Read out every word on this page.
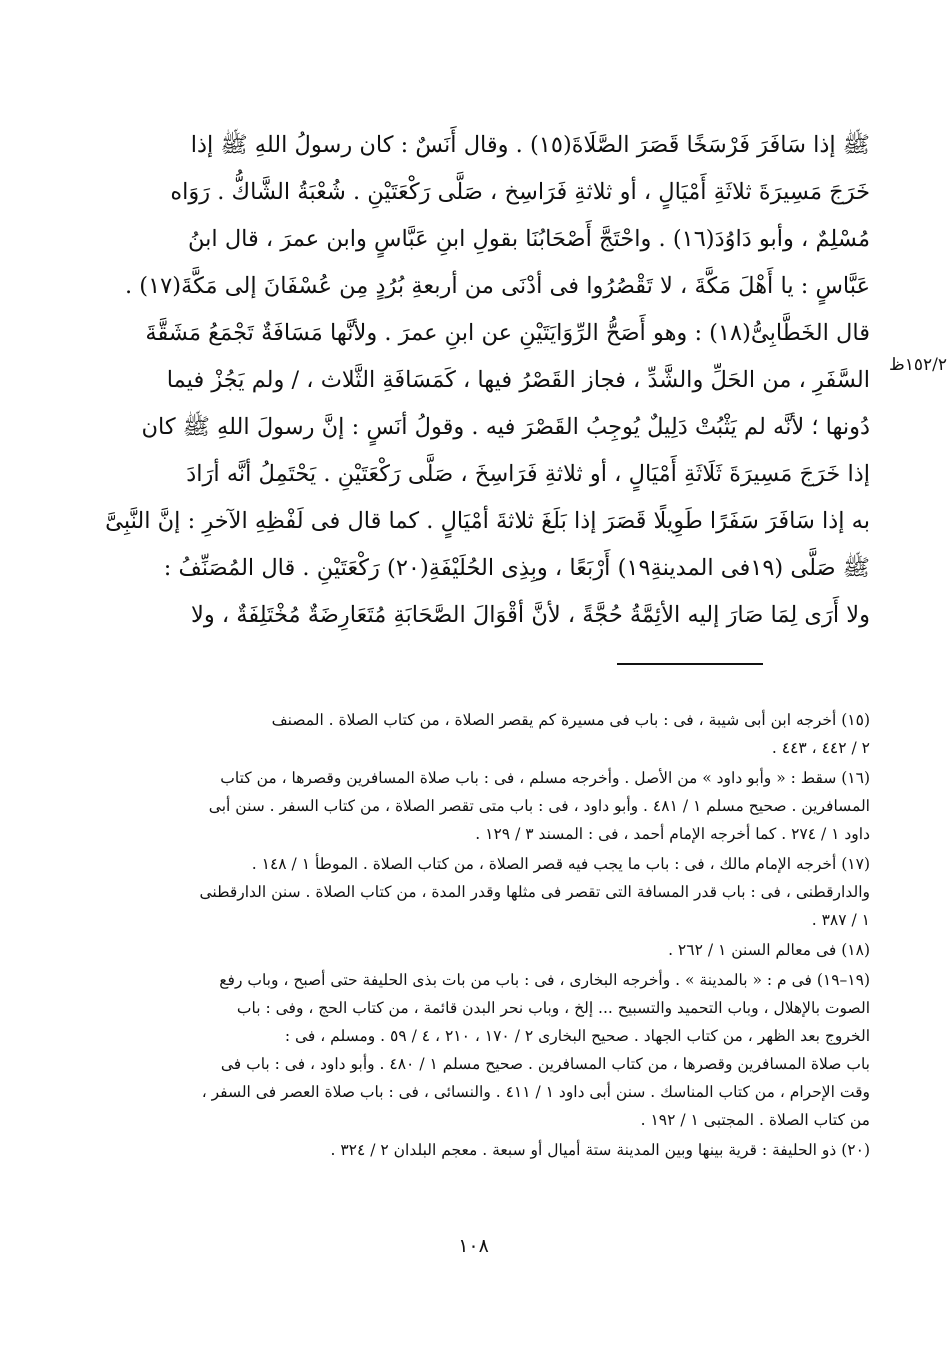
١٥٢/٢ظ
ﷺ إذا سَافَرَ فَرْسَخًا قَصَرَ الصَّلَاةَ(١٥) . وقال أَنَسٌ : كان رسولُ اللهِ ﷺ إذا
خَرَجَ مَسِيرَةَ ثلاثَةِ أَمْيَالٍ ، أو ثلاثةِ فَرَاسِخ ، صَلَّى رَكْعَتَيْنِ . شُعْبَةُ الشَّاكُّ . رَوَاه
مُسْلِمٌ ، وأبو دَاوُدَ(١٦) . واحْتَجَّ أَصْحَابُنَا بقولِ ابنِ عَبَّاسٍ وابن عمرَ ، قال ابنُ
عَبَّاسٍ : يا أَهْلَ مَكَّةَ ، لا تَقْصُرُوا فى أدْنَى من أربعةِ بُرُدٍ مِن عُسْفَانَ إلى مَكَّةَ(١٧) .
قال الخَطَّابِىُّ(١٨) : وهو أَصَحُّ الرِّوَايَتَيْنِ عن ابنِ عمرَ . ولأنَّها مَسَافَةٌ تَجْمَعُ مَشَقَّةَ
السَّفَرِ ، من الحَلِّ والشَّدِّ ، فجاز القَصْرُ فيها ، كَمَسَافَةِ الثَّلاث ، / ولم يَجُزْ فيما
دُونها ؛ لأنَّه لم يَثْبُتْ دَلِيلٌ يُوجِبُ القَصْرَ فيه . وقولُ أنَسٍ : إنَّ رسولَ اللهِ ﷺ كان
إذا خَرَجَ مَسِيرَةَ ثَلَاثَةِ أَمْيَالٍ ، أو ثلاثةِ فَرَاسِخَ ، صَلَّى رَكْعَتَيْنِ . يَحْتَمِلُ أنَّه أرَادَ
به إذا سَافَرَ سَفَرًا طَوِيلًا قَصَرَ إذا بَلَغَ ثلاثةَ أمْيَالٍ . كما قال فى لَفْظِهِ الآخرِ : إنَّ النَّبِىَّ
ﷺ صَلَّى (١٩فى المدينةِ١٩) أَرْبَعًا ، وبِذِى الحُلَيْفَةِ(٢٠) رَكْعَتَيْنِ . قال المُصَنِّفُ :
ولا أَرَى لِمَا صَارَ إليه الأئِمَّةُ حُجَّةً ، لأنَّ أقْوَالَ الصَّحَابَةِ مُتَعَارِضَةٌ مُخْتَلِفَةٌ ، ولا
(١٥) أخرجه ابن أبى شيبة ، فى : باب فى مسيرة كم يقصر الصلاة ، من كتاب الصلاة . المصنف
٢ / ٤٤٢ ، ٤٤٣ .
(١٦) سقط : « وأبو داود » من الأصل . وأخرجه مسلم ، فى : باب صلاة المسافرين وقصرها ، من كتاب
المسافرين . صحيح مسلم ١ / ٤٨١ . وأبو داود ، فى : باب متى تقصر الصلاة ، من كتاب السفر . سنن أبى
داود ١ / ٢٧٤ . كما أخرجه الإمام أحمد ، فى : المسند ٣ / ١٢٩ .
(١٧) أخرجه الإمام مالك ، فى : باب ما يجب فيه قصر الصلاة ، من كتاب الصلاة . الموطأ ١ / ١٤٨ .
والدارقطنى ، فى : باب قدر المسافة التى تقصر فى مثلها وقدر المدة ، من كتاب الصلاة . سنن الدارقطنى
١ / ٣٨٧ .
(١٨) فى معالم السنن ١ / ٢٦٢ .
(١٩–١٩) فى م : « بالمدينة » . وأخرجه البخارى ، فى : باب من بات بذى الحليفة حتى أصبح ، وباب رفع
الصوت بالإهلال ، وباب التحميد والتسبيح ... إلخ ، وباب نحر البدن قائمة ، من كتاب الحج ، وفى : باب
الخروج بعد الظهر ، من كتاب الجهاد . صحيح البخارى ٢ / ١٧٠ ، ٢١٠ ، ٤ / ٥٩ . ومسلم ، فى :
باب صلاة المسافرين وقصرها ، من كتاب المسافرين . صحيح مسلم ١ / ٤٨٠ . وأبو داود ، فى : باب فى
وقت الإحرام ، من كتاب المناسك . سنن أبى داود ١ / ٤١١ . والنسائى ، فى : باب صلاة العصر فى السفر ،
من كتاب الصلاة . المجتبى ١ / ١٩٢ .
(٢٠) ذو الحليفة : قرية بينها وبين المدينة ستة أميال أو سبعة . معجم البلدان ٢ / ٣٢٤ .
١٠٨
